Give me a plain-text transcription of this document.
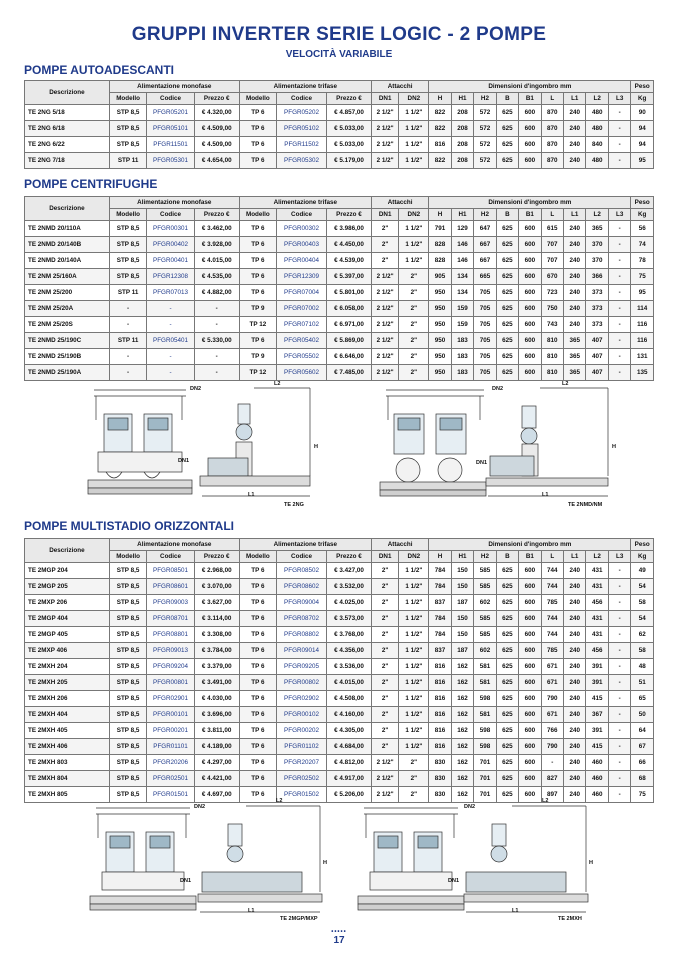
GRUPPI INVERTER SERIE LOGIC - 2 POMPE
VELOCITÀ VARIABILE
POMPE AUTOADESCANTI
Descrizione	Alimentazione monofase			Alimentazione trifase			Attacchi		Dimensioni d'ingombro mm									Peso
	Modello	Codice	Prezzo €	Modello	Codice	Prezzo €	DN1	DN2	H	H1	H2	B	B1	L	L1	L2	L3	Kg
TE 2NG 5/18	STP 8,5	PFGR05201	€ 4.320,00	TP 6	PFGR05202	€ 4.857,00	2 1/2"	1 1/2"	822	208	572	625	600	870	240	480	-	90
TE 2NG 6/18	STP 8,5	PFGR05101	€ 4.509,00	TP 6	PFGR05102	€ 5.033,00	2 1/2"	1 1/2"	822	208	572	625	600	870	240	480	-	94
TE 2NG 6/22	STP 8,5	PFGR11501	€ 4.509,00	TP 6	PFGR11502	€ 5.033,00	2 1/2"	1 1/2"	816	208	572	625	600	870	240	840	-	94
TE 2NG 7/18	STP 11	PFGR05301	€ 4.654,00	TP 6	PFGR05302	€ 5.179,00	2 1/2"	1 1/2"	822	208	572	625	600	870	240	480	-	95
POMPE CENTRIFUGHE
Descrizione	Alimentazione monofase			Alimentazione trifase			Attacchi		Dimensioni d'ingombro mm									Peso
	Modello	Codice	Prezzo €	Modello	Codice	Prezzo €	DN1	DN2	H	H1	H2	B	B1	L	L1	L2	L3	Kg
TE 2NMD 20/110A	STP 8,5	PFGR00301	€ 3.462,00	TP 6	PFGR00302	€ 3.986,00	2"	1 1/2"	791	129	647	625	600	615	240	365	-	56
TE 2NMD 20/140B	STP 8,5	PFGR00402	€ 3.928,00	TP 6	PFGR00403	€ 4.450,00	2"	1 1/2"	828	146	667	625	600	707	240	370	-	74
TE 2NMD 20/140A	STP 8,5	PFGR00401	€ 4.015,00	TP 6	PFGR00404	€ 4.539,00	2"	1 1/2"	828	146	667	625	600	707	240	370	-	78
TE 2NM 25/160A	STP 8,5	PFGR12308	€ 4.535,00	TP 6	PFGR12309	€ 5.397,00	2 1/2"	2"	905	134	665	625	600	670	240	366	-	75
TE 2NM 25/200	STP 11	PFGR07013	€ 4.882,00	TP 6	PFGR07004	€ 5.801,00	2 1/2"	2"	950	134	705	625	600	723	240	373	-	95
TE 2NM 25/20A	-	-	-	TP 9	PFGR07002	€ 6.058,00	2 1/2"	2"	950	159	705	625	600	750	240	373	-	114
TE 2NM 25/20S	-	-	-	TP 12	PFGR07102	€ 6.971,00	2 1/2"	2"	950	159	705	625	600	743	240	373	-	116
TE 2NMD 25/190C	STP 11	PFGR05401	€ 5.330,00	TP 6	PFGR05402	€ 5.869,00	2 1/2"	2"	950	183	705	625	600	810	365	407	-	116
TE 2NMD 25/190B	-	-	-	TP 9	PFGR05502	€ 6.646,00	2 1/2"	2"	950	183	705	625	600	810	365	407	-	131
TE 2NMD 25/190A	-	-	-	TP 12	PFGR05602	€ 7.485,00	2 1/2"	2"	950	183	705	625	600	810	365	407	-	135
POMPE MULTISTADIO ORIZZONTALI
Descrizione	Alimentazione monofase			Alimentazione trifase			Attacchi		Dimensioni d'ingombro mm									Peso
	Modello	Codice	Prezzo €	Modello	Codice	Prezzo €	DN1	DN2	H	H1	H2	B	B1	L	L1	L2	L3	Kg
TE 2MGP 204	STP 8,5	PFGR08501	€ 2.968,00	TP 6	PFGR08502	€ 3.427,00	2"	1 1/2"	784	150	585	625	600	744	240	431	-	49
TE 2MGP 205	STP 8,5	PFGR08601	€ 3.070,00	TP 6	PFGR08602	€ 3.532,00	2"	1 1/2"	784	150	585	625	600	744	240	431	-	54
TE 2MXP 206	STP 8,5	PFGR09003	€ 3.627,00	TP 6	PFGR09004	€ 4.025,00	2"	1 1/2"	837	187	602	625	600	785	240	456	-	58
TE 2MGP 404	STP 8,5	PFGR08701	€ 3.114,00	TP 6	PFGR08702	€ 3.573,00	2"	1 1/2"	784	150	585	625	600	744	240	431	-	54
TE 2MGP 405	STP 8,5	PFGR08801	€ 3.308,00	TP 6	PFGR08802	€ 3.768,00	2"	1 1/2"	784	150	585	625	600	744	240	431	-	62
TE 2MXP 406	STP 8,5	PFGR09013	€ 3.784,00	TP 6	PFGR09014	€ 4.356,00	2"	1 1/2"	837	187	602	625	600	785	240	456	-	58
TE 2MXH 204	STP 8,5	PFGR09204	€ 3.379,00	TP 6	PFGR09205	€ 3.536,00	2"	1 1/2"	816	162	581	625	600	671	240	391	-	48
TE 2MXH 205	STP 8,5	PFGR00801	€ 3.491,00	TP 6	PFGR00802	€ 4.015,00	2"	1 1/2"	816	162	581	625	600	671	240	391	-	51
TE 2MXH 206	STP 8,5	PFGR02901	€ 4.030,00	TP 6	PFGR02902	€ 4.508,00	2"	1 1/2"	816	162	598	625	600	790	240	415	-	65
TE 2MXH 404	STP 8,5	PFGR00101	€ 3.696,00	TP 6	PFGR00102	€ 4.160,00	2"	1 1/2"	816	162	581	625	600	671	240	367	-	50
TE 2MXH 405	STP 8,5	PFGR00201	€ 3.811,00	TP 6	PFGR00202	€ 4.305,00	2"	1 1/2"	816	162	598	625	600	766	240	391	-	64
TE 2MXH 406	STP 8,5	PFGR01101	€ 4.189,00	TP 6	PFGR01102	€ 4.684,00	2"	1 1/2"	816	162	598	625	600	790	240	415	-	67
TE 2MXH 803	STP 8,5	PFGR20206	€ 4.297,00	TP 6	PFGR20207	€ 4.812,00	2 1/2"	2"	830	162	701	625	600	-	240	460	-	66
TE 2MXH 804	STP 8,5	PFGR02501	€ 4.421,00	TP 6	PFGR02502	€ 4.917,00	2 1/2"	2"	830	162	701	625	600	827	240	460	-	68
TE 2MXH 805	STP 8,5	PFGR01501	€ 4.697,00	TP 6	PFGR01502	€ 5.206,00	2 1/2"	2"	830	162	701	625	600	897	240	460	-	75
DN2
DN1
L2
H
L1
TE 2NG
DN2
DN1
L2
H
L1
TE 2NMD/NM
DN2
DN1
L2
H
L1
TE 2MGP/MXP
DN2
DN1
L2
H
L1
TE 2MXH
•••••
17
